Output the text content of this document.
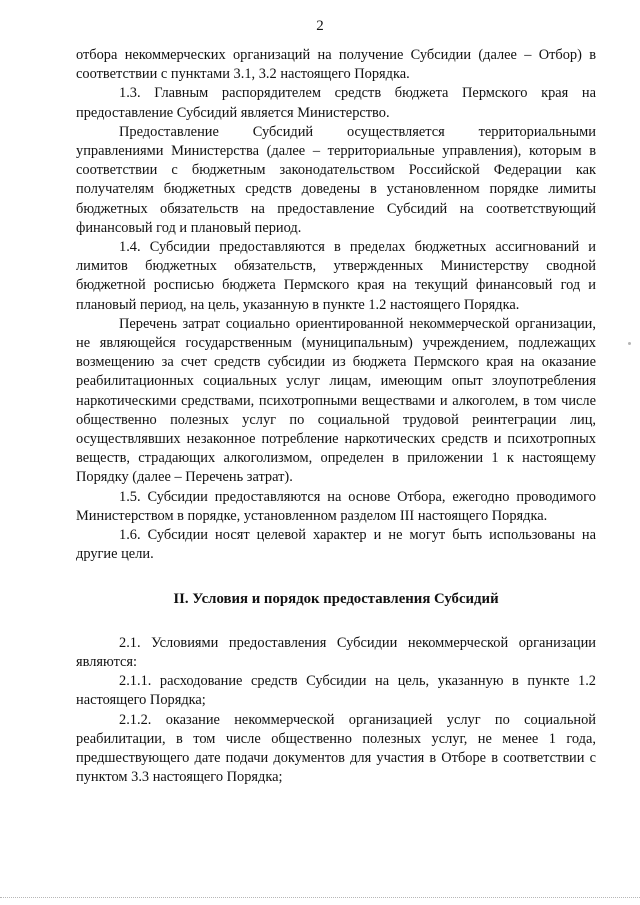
2

отбора некоммерческих организаций на получение Субсидии (далее – Отбор) в соответствии с пунктами 3.1, 3.2 настоящего Порядка.

1.3. Главным распорядителем средств бюджета Пермского края на предоставление Субсидий является Министерство.

Предоставление Субсидий осуществляется территориальными управлениями Министерства (далее – территориальные управления), которым в соответствии с бюджетным законодательством Российской Федерации как получателям бюджетных средств доведены в установленном порядке лимиты бюджетных обязательств на предоставление Субсидий на соответствующий финансовый год и плановый период.

1.4. Субсидии предоставляются в пределах бюджетных ассигнований и лимитов бюджетных обязательств, утвержденных Министерству сводной бюджетной росписью бюджета Пермского края на текущий финансовый год и плановый период, на цель, указанную в пункте 1.2 настоящего Порядка.

Перечень затрат социально ориентированной некоммерческой организации, не являющейся государственным (муниципальным) учреждением, подлежащих возмещению за счет средств субсидии из бюджета Пермского края на оказание реабилитационных социальных услуг лицам, имеющим опыт злоупотребления наркотическими средствами, психотропными веществами и алкоголем, в том числе общественно полезных услуг по социальной трудовой реинтеграции лиц, осуществлявших незаконное потребление наркотических средств и психотропных веществ, страдающих алкоголизмом, определен в приложении 1 к настоящему Порядку (далее – Перечень затрат).

1.5. Субсидии предоставляются на основе Отбора, ежегодно проводимого Министерством в порядке, установленном разделом III настоящего Порядка.

1.6. Субсидии носят целевой характер и не могут быть использованы на другие цели.

II. Условия и порядок предоставления Субсидий

2.1. Условиями предоставления Субсидии некоммерческой организации являются:

2.1.1. расходование средств Субсидии на цель, указанную в пункте 1.2 настоящего Порядка;

2.1.2. оказание некоммерческой организацией услуг по социальной реабилитации, в том числе общественно полезных услуг, не менее 1 года, предшествующего дате подачи документов для участия в Отборе в соответствии с пунктом 3.3 настоящего Порядка;
